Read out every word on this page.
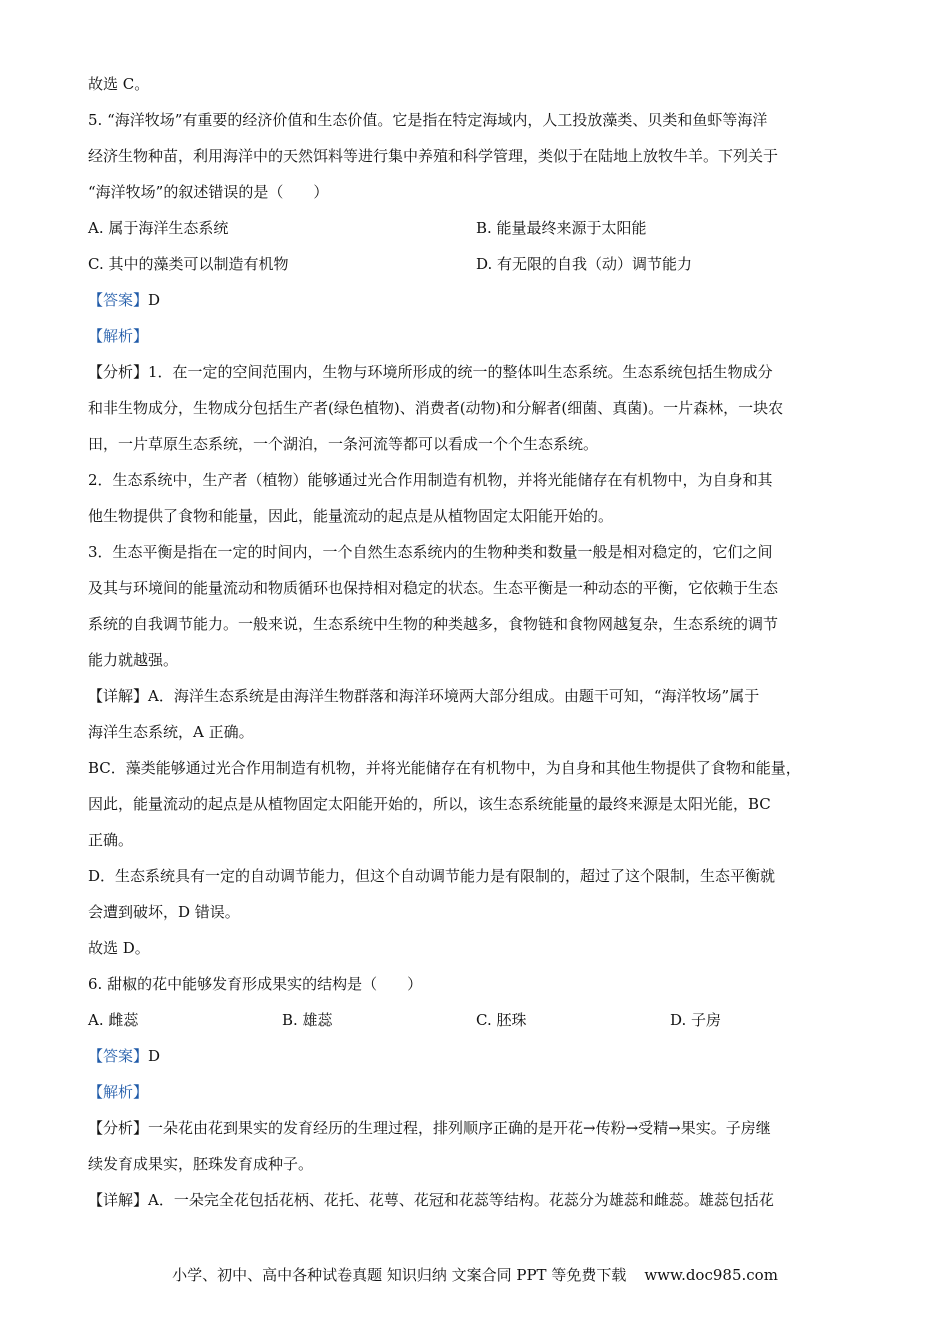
故选 C。
5. “海洋牧场”有重要的经济价值和生态价值。它是指在特定海域内，人工投放藻类、贝类和鱼虾等海洋
经济生物种苗，利用海洋中的天然饵料等进行集中养殖和科学管理，类似于在陆地上放牧牛羊。下列关于
“海洋牧场”的叙述错误的是（　　）
A. 属于海洋生态系统	B. 能量最终来源于太阳能
C. 其中的藻类可以制造有机物	D. 有无限的自我（动）调节能力
【答案】D
【解析】
【分析】1．在一定的空间范围内，生物与环境所形成的统一的整体叫生态系统。生态系统包括生物成分
和非生物成分，生物成分包括生产者(绿色植物)、消费者(动物)和分解者(细菌、真菌)。一片森林，一块农
田，一片草原生态系统，一个湖泊，一条河流等都可以看成一个个生态系统。
2．生态系统中，生产者（植物）能够通过光合作用制造有机物，并将光能储存在有机物中，为自身和其
他生物提供了食物和能量，因此，能量流动的起点是从植物固定太阳能开始的。
3．生态平衡是指在一定的时间内，一个自然生态系统内的生物种类和数量一般是相对稳定的，它们之间
及其与环境间的能量流动和物质循环也保持相对稳定的状态。生态平衡是一种动态的平衡，它依赖于生态
系统的自我调节能力。一般来说，生态系统中生物的种类越多，食物链和食物网越复杂，生态系统的调节
能力就越强。
【详解】A．海洋生态系统是由海洋生物群落和海洋环境两大部分组成。由题干可知，“海洋牧场”属于
海洋生态系统，A 正确。
BC．藻类能够通过光合作用制造有机物，并将光能储存在有机物中，为自身和其他生物提供了食物和能量，
因此，能量流动的起点是从植物固定太阳能开始的，所以，该生态系统能量的最终来源是太阳光能，BC
正确。
D．生态系统具有一定的自动调节能力，但这个自动调节能力是有限制的，超过了这个限制，生态平衡就
会遭到破坏，D 错误。
故选 D。
6. 甜椒的花中能够发育形成果实的结构是（　　）
A. 雌蕊	B. 雄蕊	C. 胚珠	D. 子房
【答案】D
【解析】
【分析】一朵花由花到果实的发育经历的生理过程，排列顺序正确的是开花→传粉→受精→果实。子房继
续发育成果实，胚珠发育成种子。
【详解】A．一朵完全花包括花柄、花托、花萼、花冠和花蕊等结构。花蕊分为雄蕊和雌蕊。雄蕊包括花
小学、初中、高中各种试卷真题 知识归纳 文案合同 PPT 等免费下载 www.doc985.com
